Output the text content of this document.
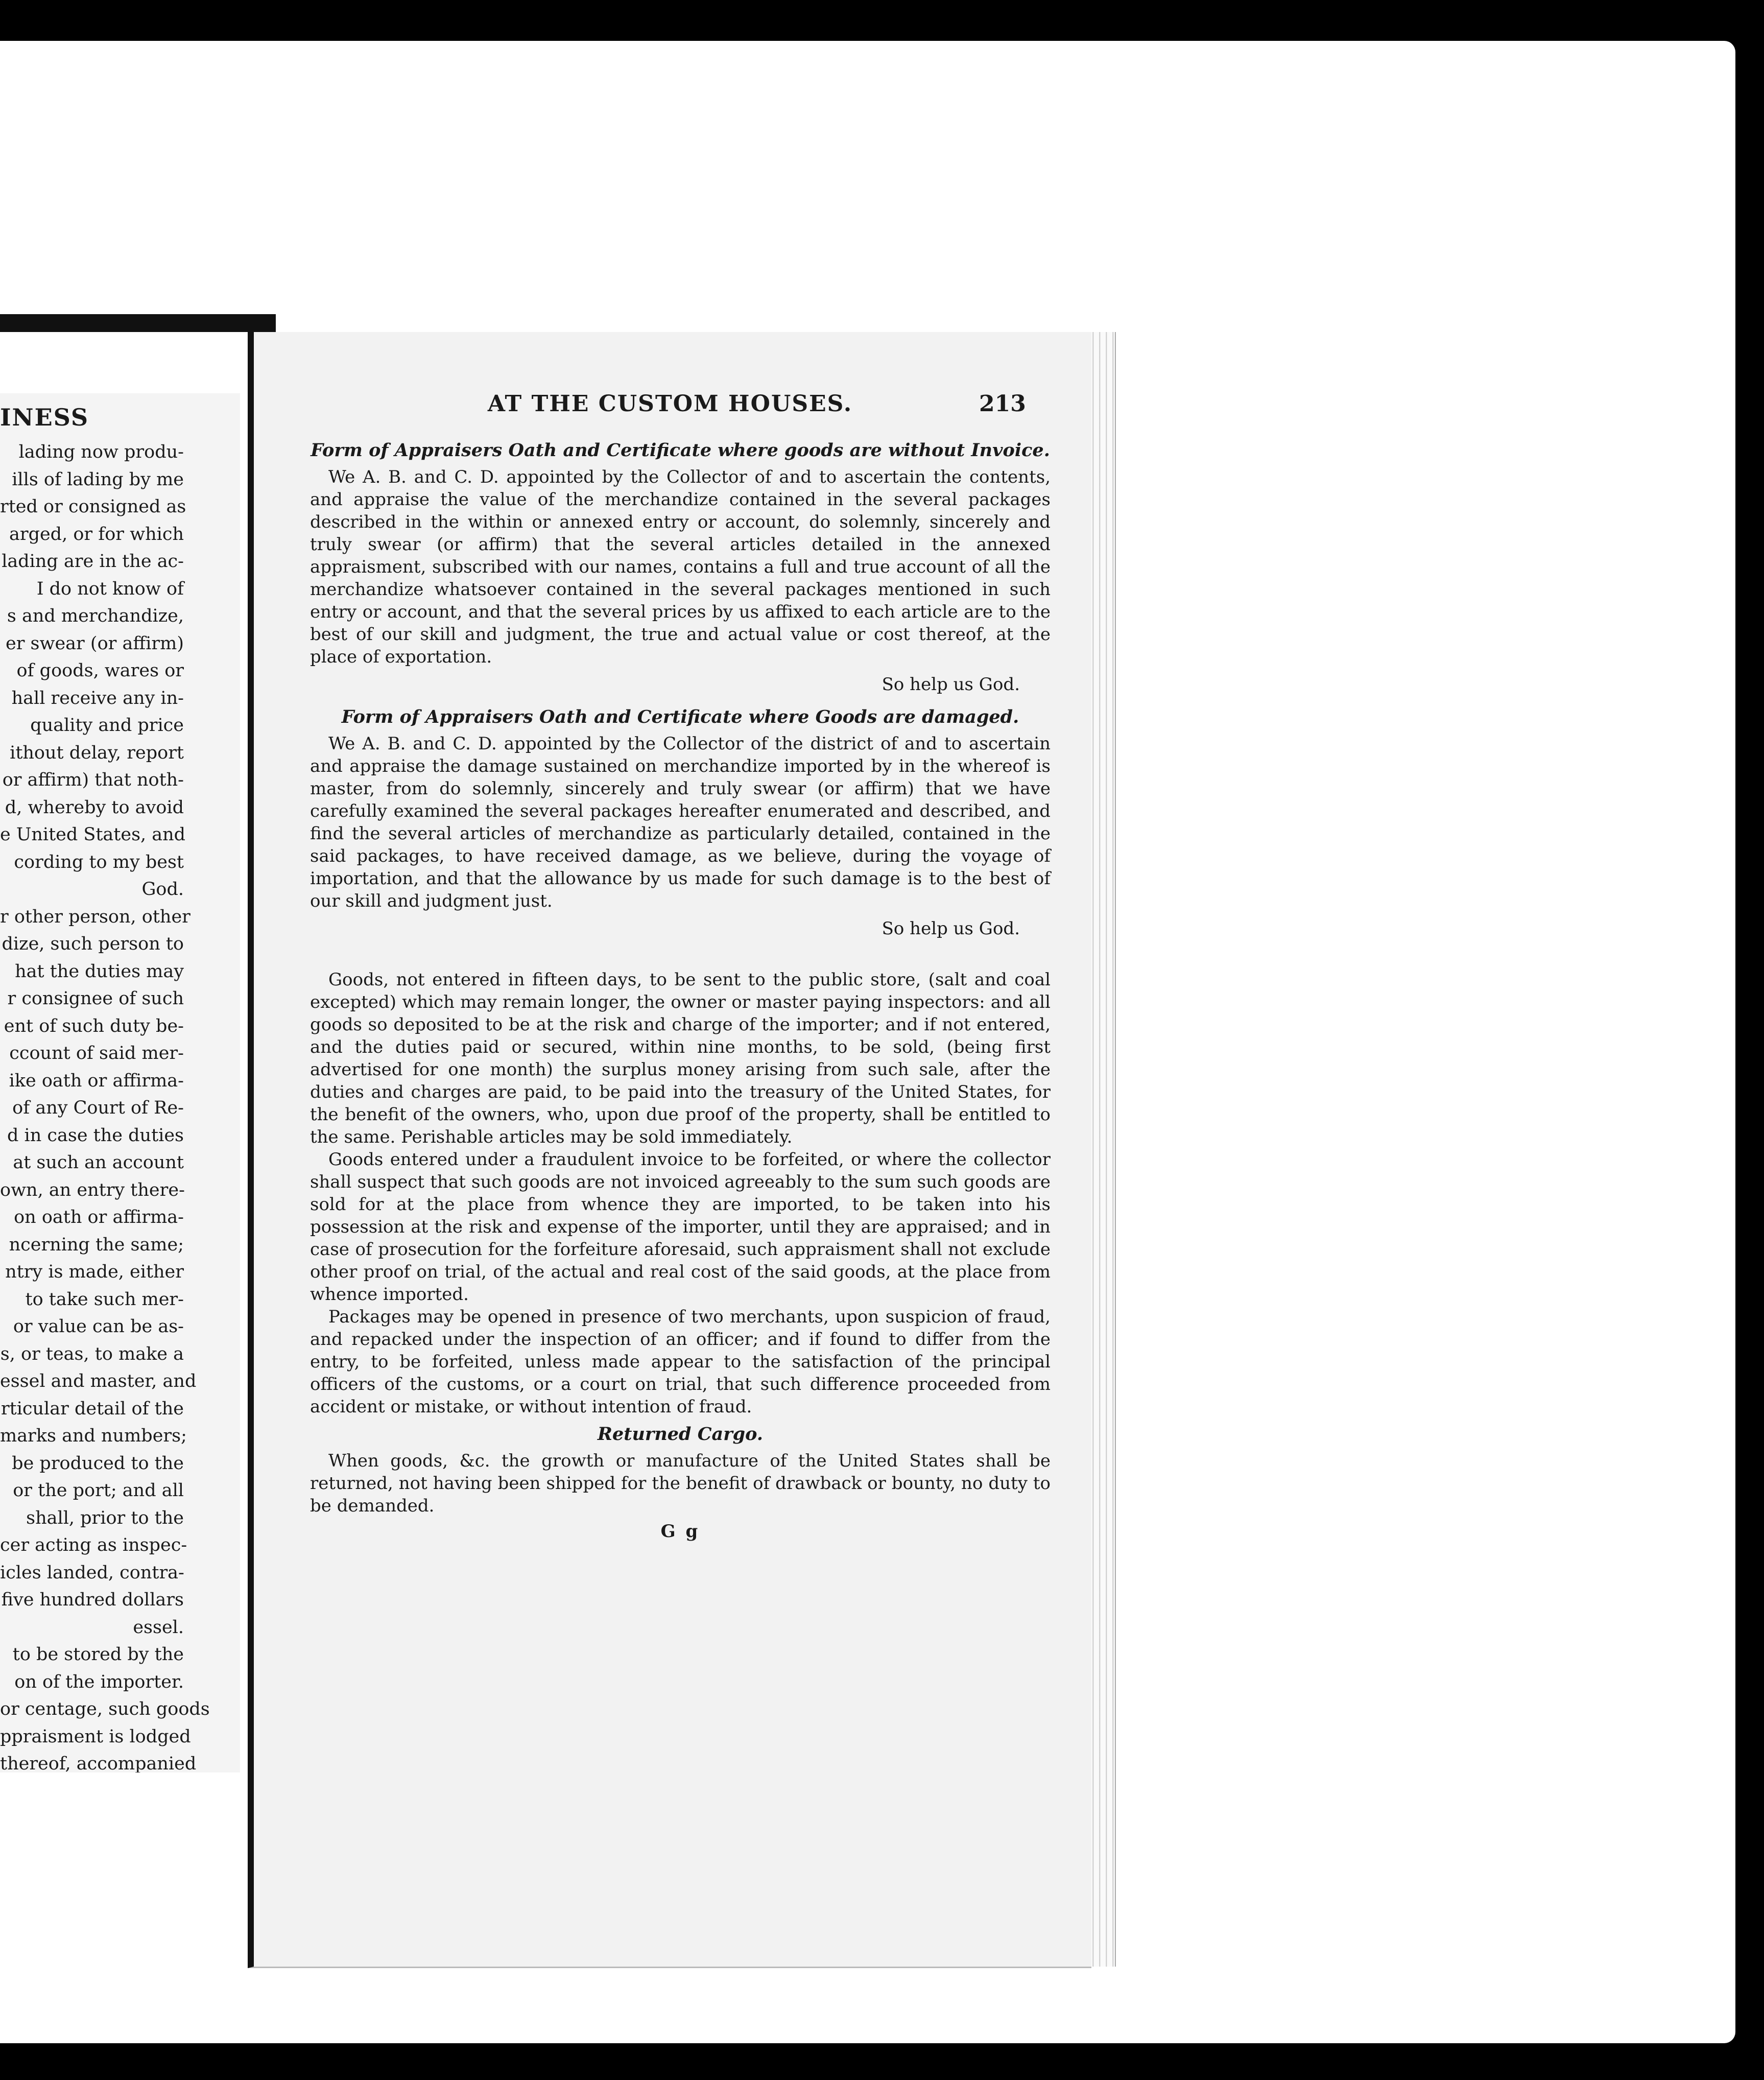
INESS
lading now produ-
ills of lading by me
rted or consigned as
arged, or for which
lading are in the ac-
I do not know of
s and merchandize,
er swear (or affirm)
of goods, wares or
hall receive any in-
quality and price
ithout delay, report
or affirm) that noth-
d, whereby to avoid
e United States, and
cording to my best
God.
r other person, other
dize, such person to
hat the duties may
r consignee of such
ent of such duty be-
ccount of said mer-
ike oath or affirma-
of any Court of Re-
d in case the duties
at such an account
own, an entry there-
on oath or affirma-
ncerning the same;
ntry is made, either
to take such mer-
or value can be as-
s, or teas, to make a
essel and master, and
rticular detail of the
marks and numbers;
be produced to the
or the port; and all
shall, prior to the
cer acting as inspec-
icles landed, contra-
five hundred dollars
essel.
to be stored by the
on of the importer.
or centage, such goods
ppraisment is lodged
thereof, accompanied
AT THE CUSTOM HOUSES.	213
Form of Appraisers Oath and Certificate where goods are without Invoice.

We A. B. and C. D. appointed by the Collector of and to ascertain the contents, and appraise the value of the merchandize contained in the several packages described in the within or annexed entry or account, do solemnly, sincerely and truly swear (or affirm) that the several articles detailed in the annexed appraisment, subscribed with our names, contains a full and true account of all the merchandize whatsoever contained in the several packages mentioned in such entry or account, and that the several prices by us affixed to each article are to the best of our skill and judgment, the true and actual value or cost thereof, at the place of exportation.

So help us God.
Form of Appraisers Oath and Certificate where Goods are damaged.

We A. B. and C. D. appointed by the Collector of the district of and to ascertain and appraise the damage sustained on merchandize imported by in the whereof is master, from do solemnly, sincerely and truly swear (or affirm) that we have carefully examined the several packages hereafter enumerated and described, and find the several articles of merchandize as particularly detailed, contained in the said packages, to have received damage, as we believe, during the voyage of importation, and that the allowance by us made for such damage is to the best of our skill and judgment just.

So help us God.

Goods, not entered in fifteen days, to be sent to the public store, (salt and coal excepted) which may remain longer, the owner or master paying inspectors: and all goods so deposited to be at the risk and charge of the importer; and if not entered, and the duties paid or secured, within nine months, to be sold, (being first advertised for one month) the surplus money arising from such sale, after the duties and charges are paid, to be paid into the treasury of the United States, for the benefit of the owners, who, upon due proof of the property, shall be entitled to the same. Perishable articles may be sold immediately.

Goods entered under a fraudulent invoice to be forfeited, or where the collector shall suspect that such goods are not invoiced agreeably to the sum such goods are sold for at the place from whence they are imported, to be taken into his possession at the risk and expense of the importer, until they are appraised; and in case of prosecution for the forfeiture aforesaid, such appraisment shall not exclude other proof on trial, of the actual and real cost of the said goods, at the place from whence imported.

Packages may be opened in presence of two merchants, upon suspicion of fraud, and repacked under the inspection of an officer; and if found to differ from the entry, to be forfeited, unless made appear to the satisfaction of the principal officers of the customs, or a court on trial, that such difference proceeded from accident or mistake, or without intention of fraud.

Returned Cargo.

When goods, &c. the growth or manufacture of the United States shall be returned, not having been shipped for the benefit of drawback or bounty, no duty to be demanded.

G g
